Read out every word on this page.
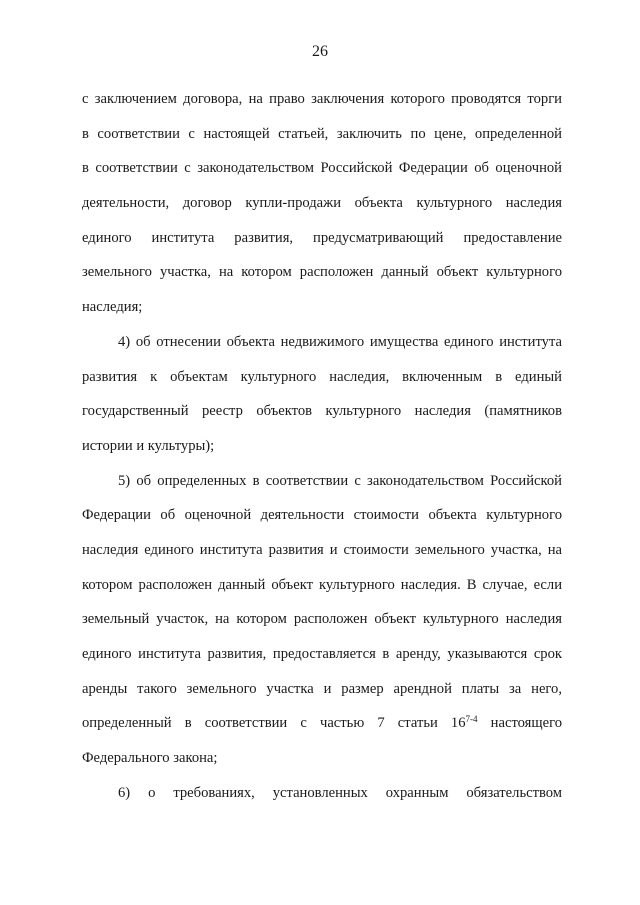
26
с заключением договора, на право заключения которого проводятся торги
в соответствии с настоящей статьей, заключить по цене, определенной
в соответствии с законодательством Российской Федерации об оценочной
деятельности, договор купли-продажи объекта культурного наследия
единого института развития, предусматривающий предоставление
земельного участка, на котором расположен данный объект культурного
наследия;
4) об отнесении объекта недвижимого имущества единого института
развития к объектам культурного наследия, включенным в единый
государственный реестр объектов культурного наследия (памятников
истории и культуры);
5) об определенных в соответствии с законодательством Российской
Федерации об оценочной деятельности стоимости объекта культурного
наследия единого института развития и стоимости земельного участка, на
котором расположен данный объект культурного наследия. В случае, если
земельный участок, на котором расположен объект культурного наследия
единого института развития, предоставляется в аренду, указываются срок
аренды такого земельного участка и размер арендной платы за него,
определенный в соответствии с частью 7 статьи 16$^{7-4}$ настоящего
Федерального закона;
6) о требованиях, установленных охранным обязательством
